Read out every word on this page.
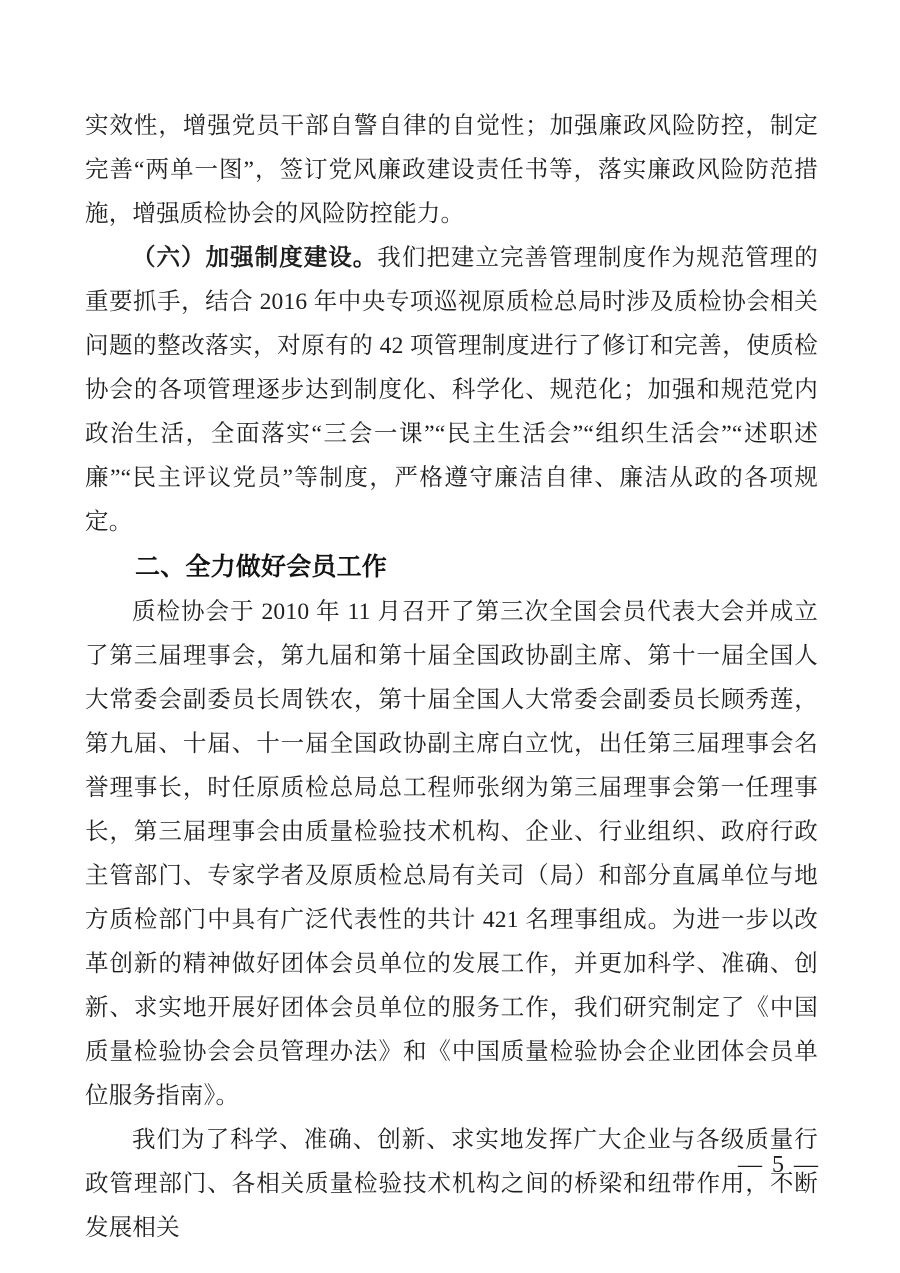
实效性，增强党员干部自警自律的自觉性；加强廉政风险防控，制定完善“两单一图”，签订党风廉政建设责任书等，落实廉政风险防范措施，增强质检协会的风险防控能力。

（六）加强制度建设。我们把建立完善管理制度作为规范管理的重要抓手，结合 2016 年中央专项巡视原质检总局时涉及质检协会相关问题的整改落实，对原有的 42 项管理制度进行了修订和完善，使质检协会的各项管理逐步达到制度化、科学化、规范化；加强和规范党内政治生活，全面落实“三会一课”“民主生活会”“组织生活会”“述职述廉”“民主评议党员”等制度，严格遵守廉洁自律、廉洁从政的各项规定。

二、全力做好会员工作

质检协会于 2010 年 11 月召开了第三次全国会员代表大会并成立了第三届理事会，第九届和第十届全国政协副主席、第十一届全国人大常委会副委员长周铁农，第十届全国人大常委会副委员长顾秀莲，第九届、十届、十一届全国政协副主席白立忱，出任第三届理事会名誉理事长，时任原质检总局总工程师张纲为第三届理事会第一任理事长，第三届理事会由质量检验技术机构、企业、行业组织、政府行政主管部门、专家学者及原质检总局有关司（局）和部分直属单位与地方质检部门中具有广泛代表性的共计 421 名理事组成。为进一步以改革创新的精神做好团体会员单位的发展工作，并更加科学、准确、创新、求实地开展好团体会员单位的服务工作，我们研究制定了《中国质量检验协会会员管理办法》和《中国质量检验协会企业团体会员单位服务指南》。

我们为了科学、准确、创新、求实地发挥广大企业与各级质量行政管理部门、各相关质量检验技术机构之间的桥梁和纽带作用，不断发展相关

— 5 —
